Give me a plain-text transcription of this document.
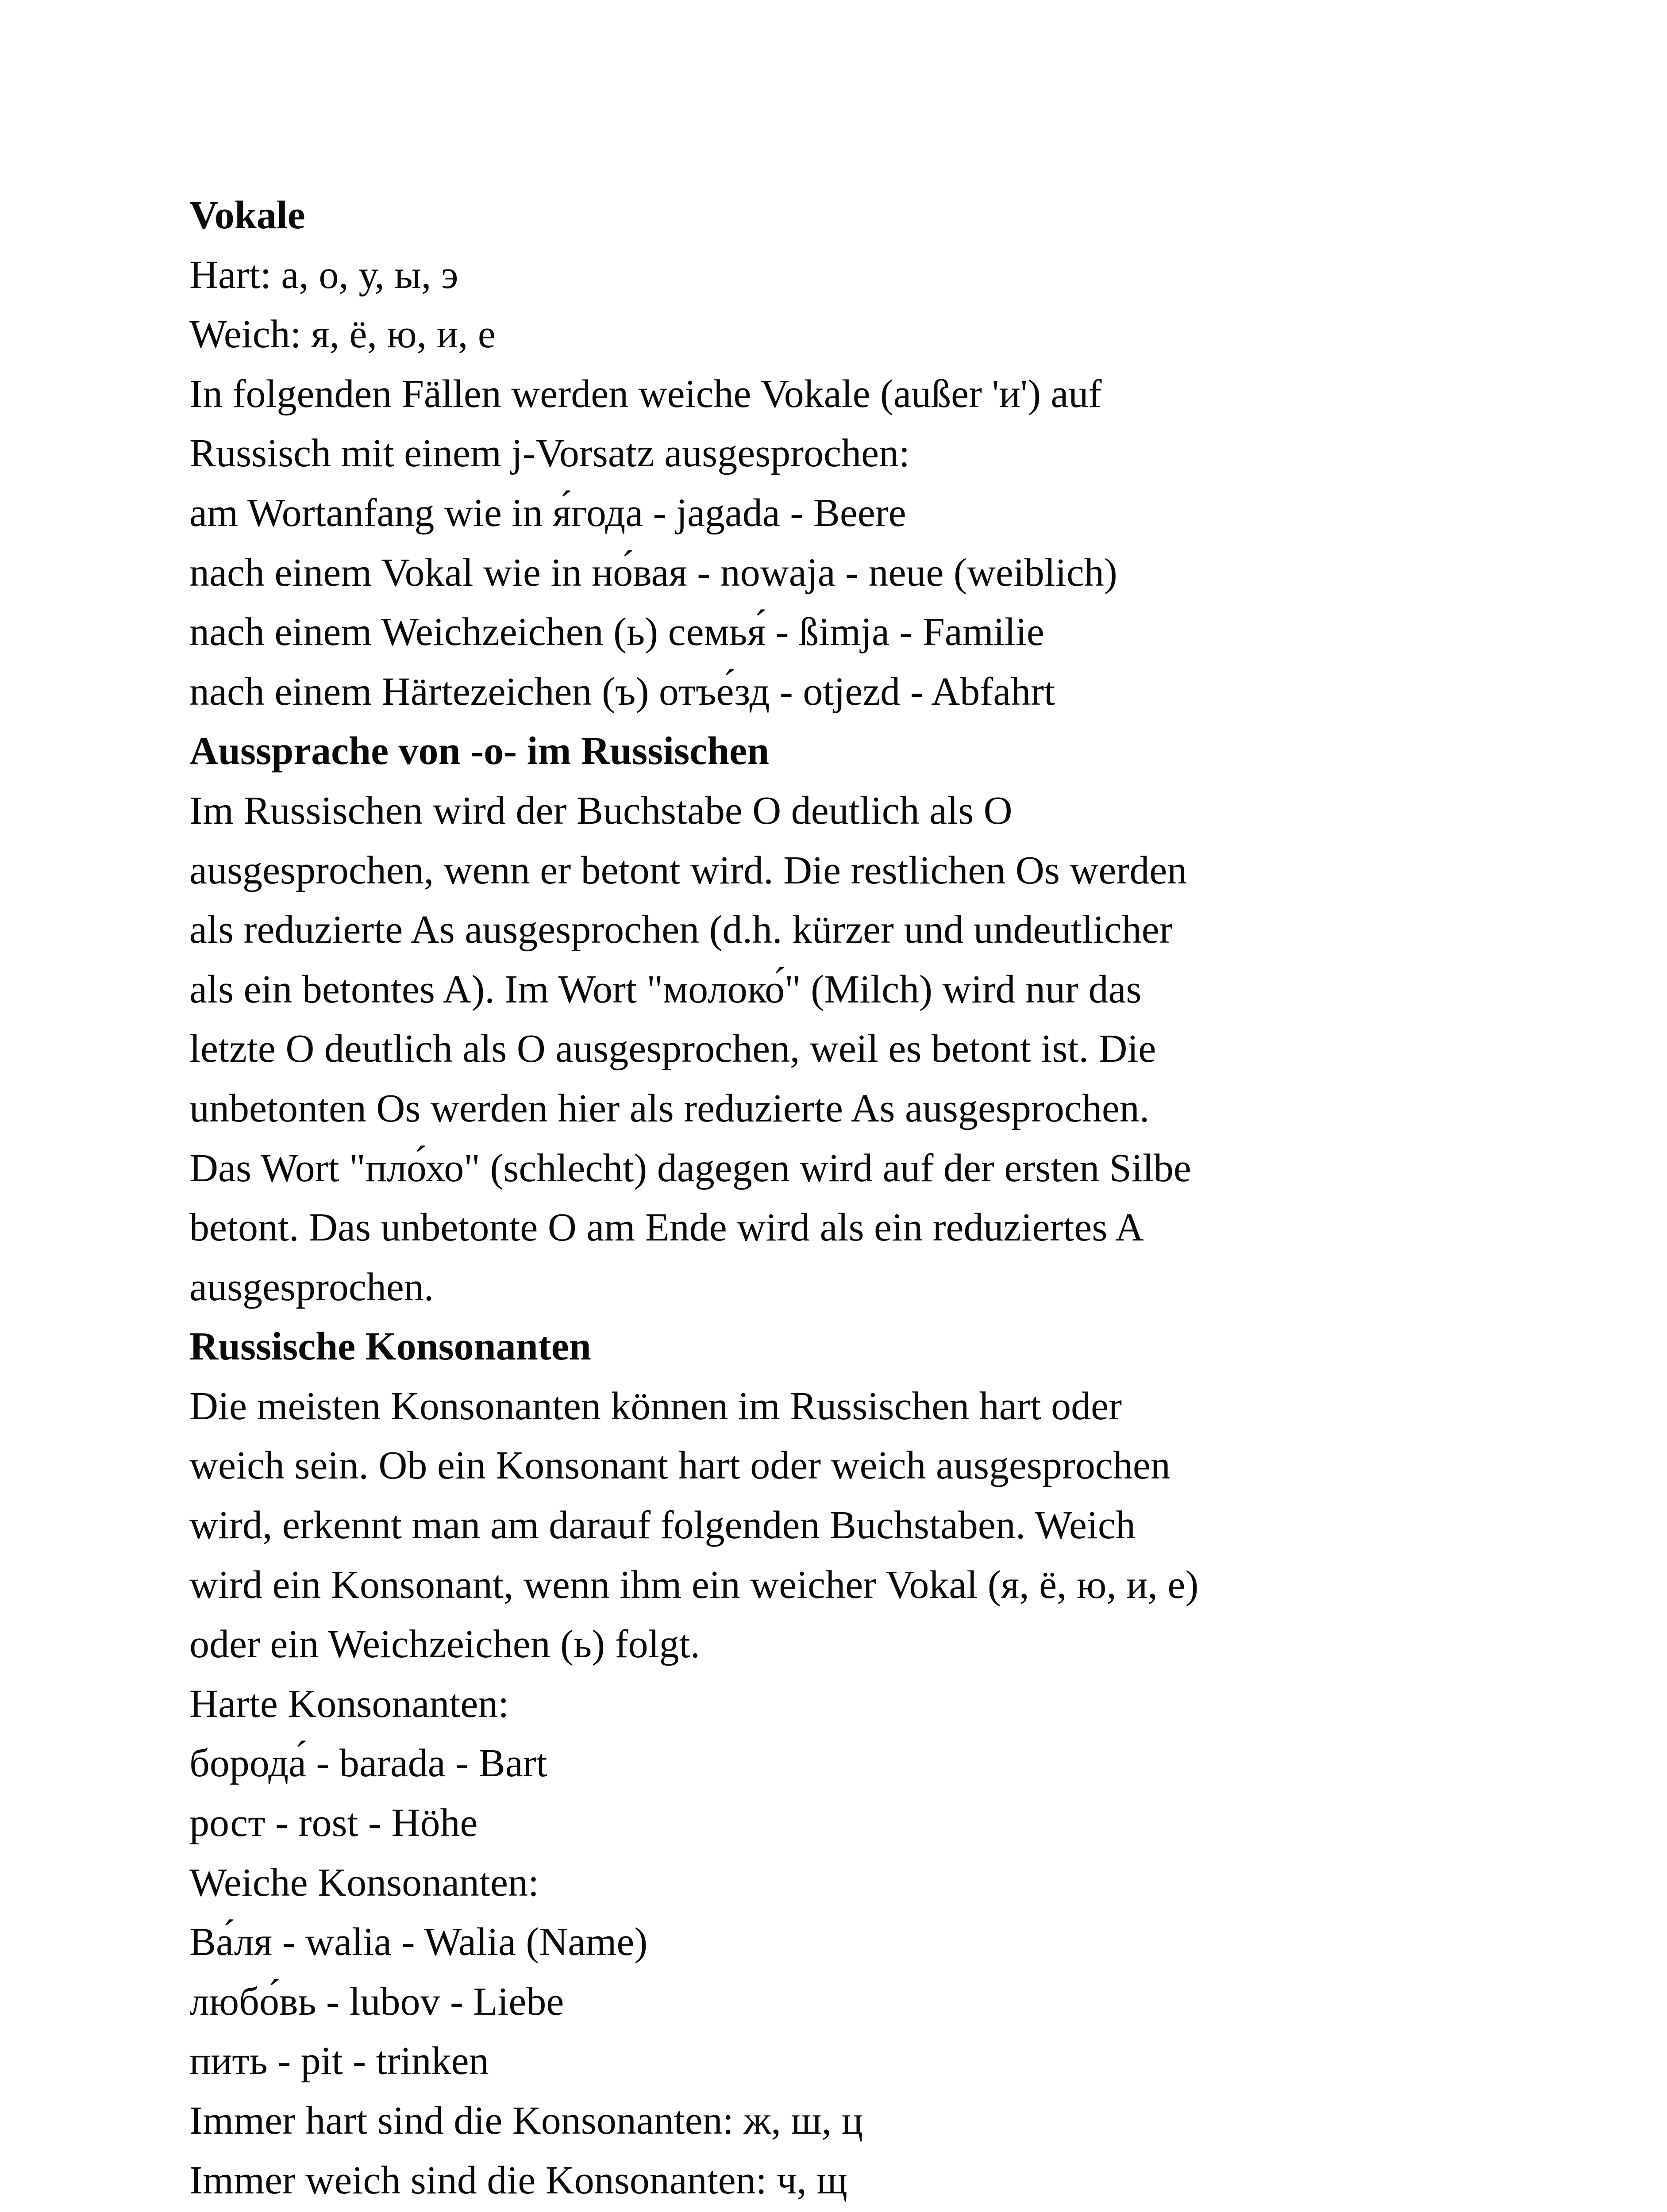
Vokale
Hart: а, о, у, ы, э
Weich: я, ё, ю, и, е
In folgenden Fällen werden weiche Vokale (außer 'и') auf
Russisch mit einem j-Vorsatz ausgesprochen:
am Wortanfang wie in я́года - jagada - Beere
nach einem Vokal wie in но́вая - nowaja - neue (weiblich)
nach einem Weichzeichen (ь) семья́ - ßimja - Familie
nach einem Härtezeichen (ъ) отъе́зд - otjezd - Abfahrt
Aussprache von -o- im Russischen
Im Russischen wird der Buchstabe O deutlich als O
ausgesprochen, wenn er betont wird. Die restlichen Os werden
als reduzierte As ausgesprochen (d.h. kürzer und undeutlicher
als ein betontes A). Im Wort "молоко́" (Milch) wird nur das
letzte O deutlich als O ausgesprochen, weil es betont ist. Die
unbetonten Os werden hier als reduzierte As ausgesprochen.
Das Wort "пло́хо" (schlecht) dagegen wird auf der ersten Silbe
betont. Das unbetonte O am Ende wird als ein reduziertes A
ausgesprochen.
Russische Konsonanten
Die meisten Konsonanten können im Russischen hart oder
weich sein. Ob ein Konsonant hart oder weich ausgesprochen
wird, erkennt man am darauf folgenden Buchstaben. Weich
wird ein Konsonant, wenn ihm ein weicher Vokal (я, ё, ю, и, е)
oder ein Weichzeichen (ь) folgt.
Harte Konsonanten:
борода́ - barada - Bart
рост - rost - Höhe
Weiche Konsonanten:
Ва́ля - walia - Walia (Name)
любо́вь - lubov - Liebe
пить - pit - trinken
Immer hart sind die Konsonanten: ж, ш, ц
Immer weich sind die Konsonanten: ч, щ
